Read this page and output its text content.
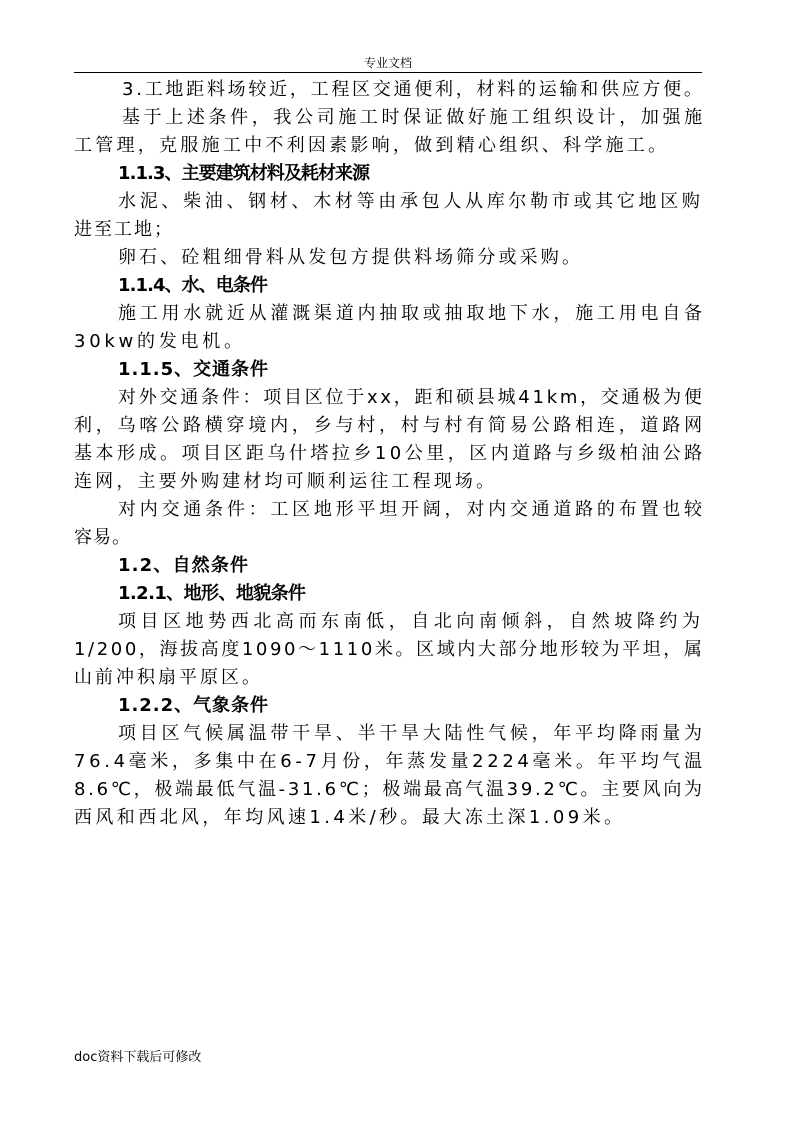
专业文档
3.工地距料场较近，工程区交通便利，材料的运输和供应方便。
基于上述条件，我公司施工时保证做好施工组织设计，加强施
工管理，克服施工中不利因素影响，做到精心组织、科学施工。
1.1.3、主要建筑材料及耗材来源
水泥、柴油、钢材、木材等由承包人从库尔勒市或其它地区购
进至工地；
卵石、砼粗细骨料从发包方提供料场筛分或采购。
1.1.4、水、电条件
施工用水就近从灌溉渠道内抽取或抽取地下水，施工用电自备
30kw的发电机。
1.1.5、交通条件
对外交通条件：项目区位于xx，距和硕县城41km，交通极为便
利，乌喀公路横穿境内，乡与村，村与村有简易公路相连，道路网
基本形成。项目区距乌什塔拉乡10公里，区内道路与乡级柏油公路
连网，主要外购建材均可顺利运往工程现场。
对内交通条件：工区地形平坦开阔，对内交通道路的布置也较
容易。
1.2、自然条件
1.2.1、地形、地貌条件
项目区地势西北高而东南低，自北向南倾斜，自然坡降约为
1/200，海拔高度1090～1110米。区域内大部分地形较为平坦，属
山前冲积扇平原区。
1.2.2、气象条件
项目区气候属温带干旱、半干旱大陆性气候，年平均降雨量为
76.4毫米，多集中在6-7月份，年蒸发量2224毫米。年平均气温
8.6℃，极端最低气温-31.6℃；极端最高气温39.2℃。主要风向为
西风和西北风，年均风速1.4米/秒。最大冻土深1.09米。
doc资料下载后可修改
